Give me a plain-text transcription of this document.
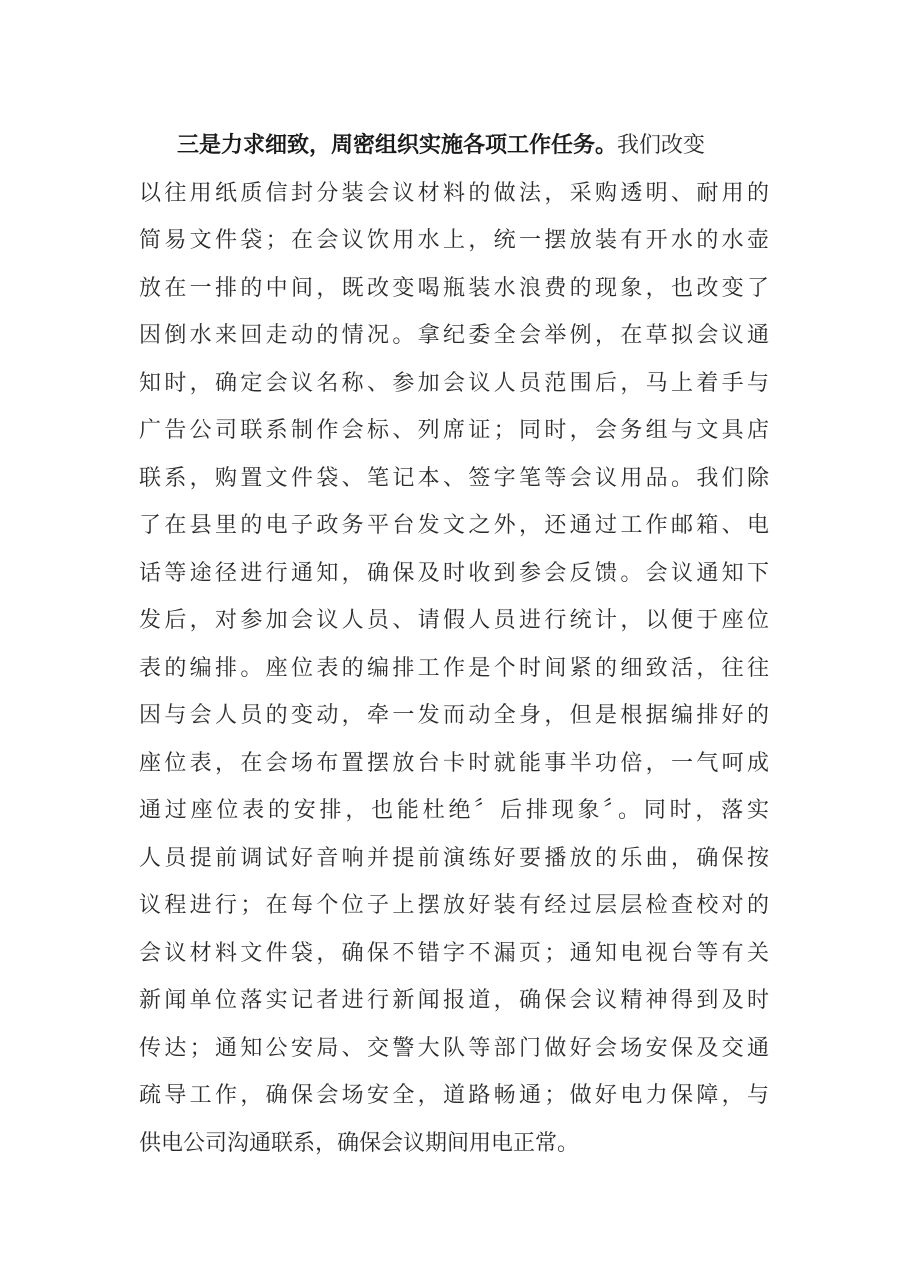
三是力求细致，周密组织实施各项工作任务。我们改变
以往用纸质信封分装会议材料的做法，采购透明、耐用的
简易文件袋；在会议饮用水上，统一摆放装有开水的水壶
放在一排的中间，既改变喝瓶装水浪费的现象，也改变了
因倒水来回走动的情况。拿纪委全会举例，在草拟会议通
知时，确定会议名称、参加会议人员范围后，马上着手与
广告公司联系制作会标、列席证；同时，会务组与文具店
联系，购置文件袋、笔记本、签字笔等会议用品。我们除
了在县里的电子政务平台发文之外，还通过工作邮箱、电
话等途径进行通知，确保及时收到参会反馈。会议通知下
发后，对参加会议人员、请假人员进行统计，以便于座位
表的编排。座位表的编排工作是个时间紧的细致活，往往
因与会人员的变动，牵一发而动全身，但是根据编排好的
座位表，在会场布置摆放台卡时就能事半功倍，一气呵成
通过座位表的安排，也能杜绝〞后排现象〞。同时，落实
人员提前调试好音响并提前演练好要播放的乐曲，确保按
议程进行；在每个位子上摆放好装有经过层层检查校对的
会议材料文件袋，确保不错字不漏页；通知电视台等有关
新闻单位落实记者进行新闻报道，确保会议精神得到及时
传达；通知公安局、交警大队等部门做好会场安保及交通
疏导工作，确保会场安全，道路畅通；做好电力保障，与
供电公司沟通联系，确保会议期间用电正常。
